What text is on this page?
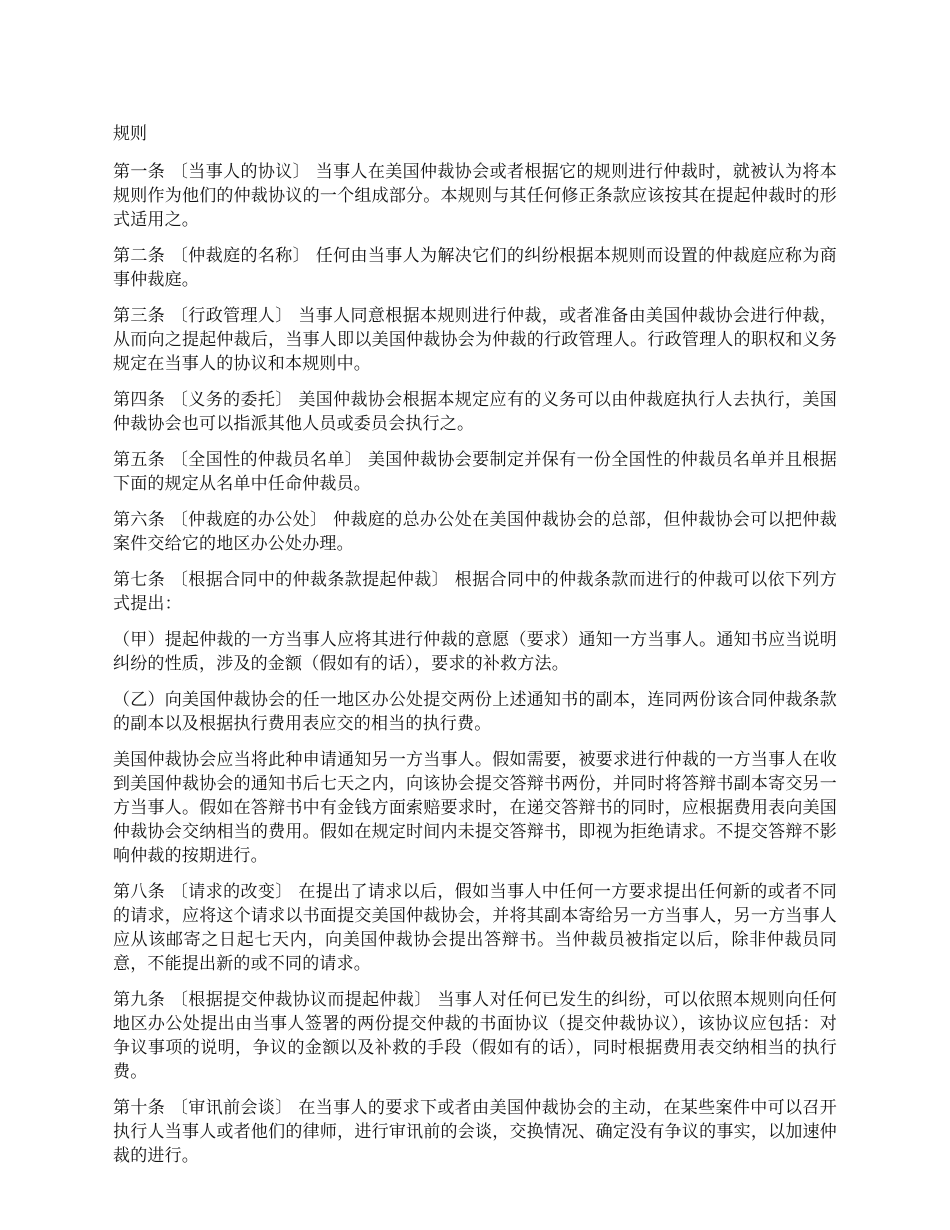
规则

第一条 〔当事人的协议〕 当事人在美国仲裁协会或者根据它的规则进行仲裁时，就被认为将本规则作为他们的仲裁协议的一个组成部分。本规则与其任何修正条款应该按其在提起仲裁时的形式适用之。

第二条 〔仲裁庭的名称〕 任何由当事人为解决它们的纠纷根据本规则而设置的仲裁庭应称为商事仲裁庭。

第三条 〔行政管理人〕 当事人同意根据本规则进行仲裁，或者准备由美国仲裁协会进行仲裁，从而向之提起仲裁后，当事人即以美国仲裁协会为仲裁的行政管理人。行政管理人的职权和义务规定在当事人的协议和本规则中。

第四条 〔义务的委托〕 美国仲裁协会根据本规定应有的义务可以由仲裁庭执行人去执行，美国仲裁协会也可以指派其他人员或委员会执行之。

第五条 〔全国性的仲裁员名单〕 美国仲裁协会要制定并保有一份全国性的仲裁员名单并且根据下面的规定从名单中任命仲裁员。

第六条 〔仲裁庭的办公处〕 仲裁庭的总办公处在美国仲裁协会的总部，但仲裁协会可以把仲裁案件交给它的地区办公处办理。

第七条 〔根据合同中的仲裁条款提起仲裁〕 根据合同中的仲裁条款而进行的仲裁可以依下列方式提出：

（甲）提起仲裁的一方当事人应将其进行仲裁的意愿（要求）通知一方当事人。通知书应当说明纠纷的性质，涉及的金额（假如有的话），要求的补救方法。

（乙）向美国仲裁协会的任一地区办公处提交两份上述通知书的副本，连同两份该合同仲裁条款的副本以及根据执行费用表应交的相当的执行费。

美国仲裁协会应当将此种申请通知另一方当事人。假如需要，被要求进行仲裁的一方当事人在收到美国仲裁协会的通知书后七天之内，向该协会提交答辩书两份，并同时将答辩书副本寄交另一方当事人。假如在答辩书中有金钱方面索赔要求时，在递交答辩书的同时，应根据费用表向美国仲裁协会交纳相当的费用。假如在规定时间内未提交答辩书，即视为拒绝请求。不提交答辩不影响仲裁的按期进行。

第八条 〔请求的改变〕 在提出了请求以后，假如当事人中任何一方要求提出任何新的或者不同的请求，应将这个请求以书面提交美国仲裁协会，并将其副本寄给另一方当事人，另一方当事人应从该邮寄之日起七天内，向美国仲裁协会提出答辩书。当仲裁员被指定以后，除非仲裁员同意，不能提出新的或不同的请求。

第九条 〔根据提交仲裁协议而提起仲裁〕 当事人对任何已发生的纠纷，可以依照本规则向任何地区办公处提出由当事人签署的两份提交仲裁的书面协议（提交仲裁协议），该协议应包括：对争议事项的说明，争议的金额以及补救的手段（假如有的话），同时根据费用表交纳相当的执行费。

第十条 〔审讯前会谈〕 在当事人的要求下或者由美国仲裁协会的主动，在某些案件中可以召开执行人当事人或者他们的律师，进行审讯前的会谈，交换情况、确定没有争议的事实，以加速仲裁的进行。
